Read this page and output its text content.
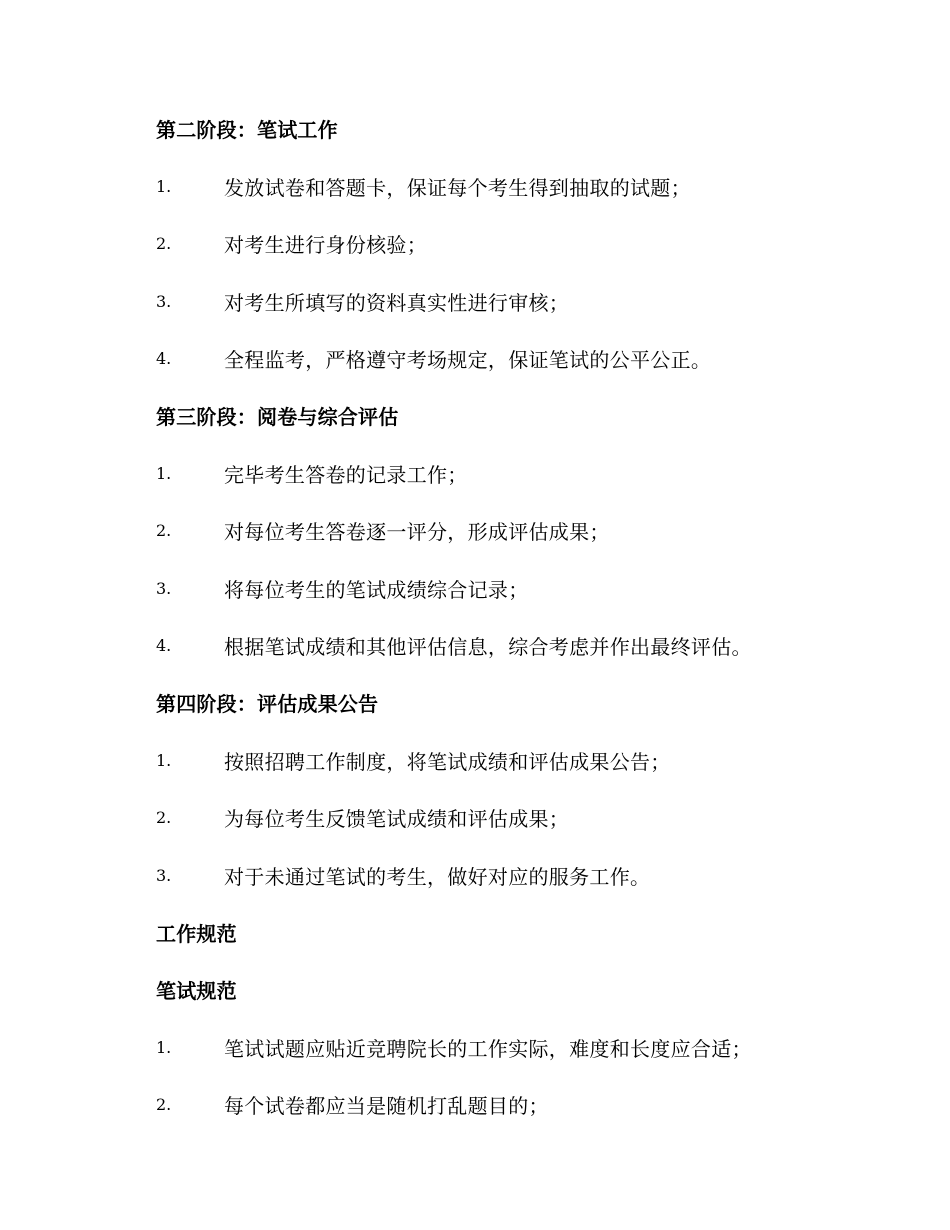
第二阶段：笔试工作
1.	发放试卷和答题卡，保证每个考生得到抽取的试题；
2.	对考生进行身份核验；
3.	对考生所填写的资料真实性进行审核；
4.	全程监考，严格遵守考场规定，保证笔试的公平公正。
第三阶段：阅卷与综合评估
1.	完毕考生答卷的记录工作；
2.	对每位考生答卷逐一评分，形成评估成果；
3.	将每位考生的笔试成绩综合记录；
4.	根据笔试成绩和其他评估信息，综合考虑并作出最终评估。
第四阶段：评估成果公告
1.	按照招聘工作制度，将笔试成绩和评估成果公告；
2.	为每位考生反馈笔试成绩和评估成果；
3.	对于未通过笔试的考生，做好对应的服务工作。
工作规范
笔试规范
1.	笔试试题应贴近竞聘院长的工作实际，难度和长度应合适；
2.	每个试卷都应当是随机打乱题目的；
